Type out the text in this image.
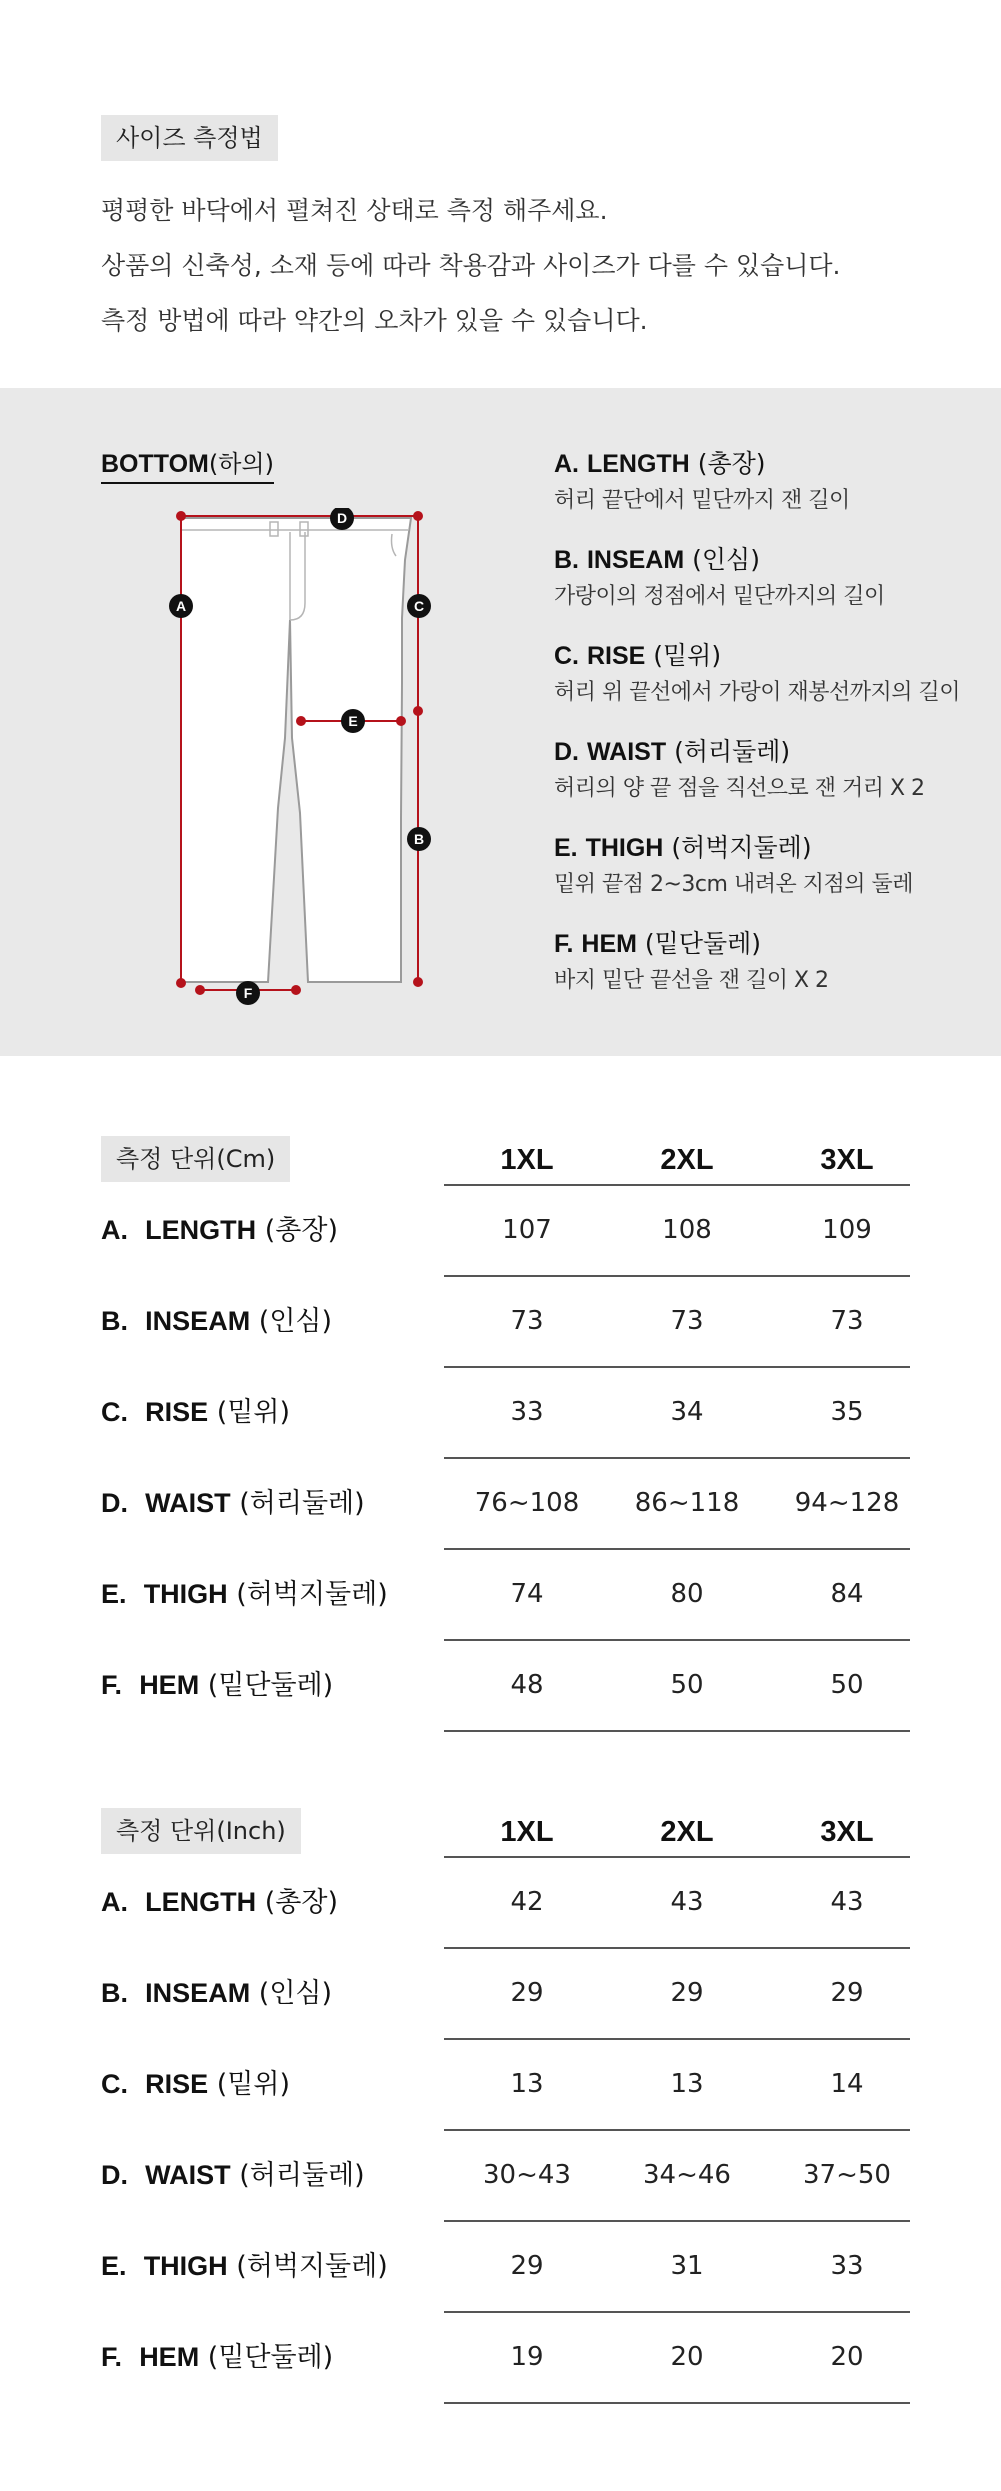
사이즈 측정법

평평한 바닥에서 펼쳐진 상태로 측정 해주세요.

상품의 신축성, 소재 등에 따라 착용감과 사이즈가 다를 수 있습니다.

측정 방법에 따라 약간의 오차가 있을 수 있습니다.

BOTTOM(하의)
A
D
C
E
B
F
A. LENGTH (총장)
허리 끝단에서 밑단까지 잰 길이
B. INSEAM (인심)
가랑이의 정점에서 밑단까지의 길이
C. RISE (밑위)
허리 위 끝선에서 가랑이 재봉선까지의 길이
D. WAIST (허리둘레)
허리의 양 끝 점을 직선으로 잰 거리 X 2
E. THIGH (허벅지둘레)
밑위 끝점 2~3cm 내려온 지점의 둘레
F. HEM (밑단둘레)
바지 밑단 끝선을 잰 길이 X 2
측정 단위(Cm)	1XL	2XL	3XL
A. LENGTH (총장)	107	108	109
B. INSEAM (인심)	73	73	73
C. RISE (밑위)	33	34	35
D. WAIST (허리둘레)	76~108	86~118	94~128
E. THIGH (허벅지둘레)	74	80	84
F. HEM (밑단둘레)	48	50	50
측정 단위(Inch)	1XL	2XL	3XL
A. LENGTH (총장)	42	43	43
B. INSEAM (인심)	29	29	29
C. RISE (밑위)	13	13	14
D. WAIST (허리둘레)	30~43	34~46	37~50
E. THIGH (허벅지둘레)	29	31	33
F. HEM (밑단둘레)	19	20	20
